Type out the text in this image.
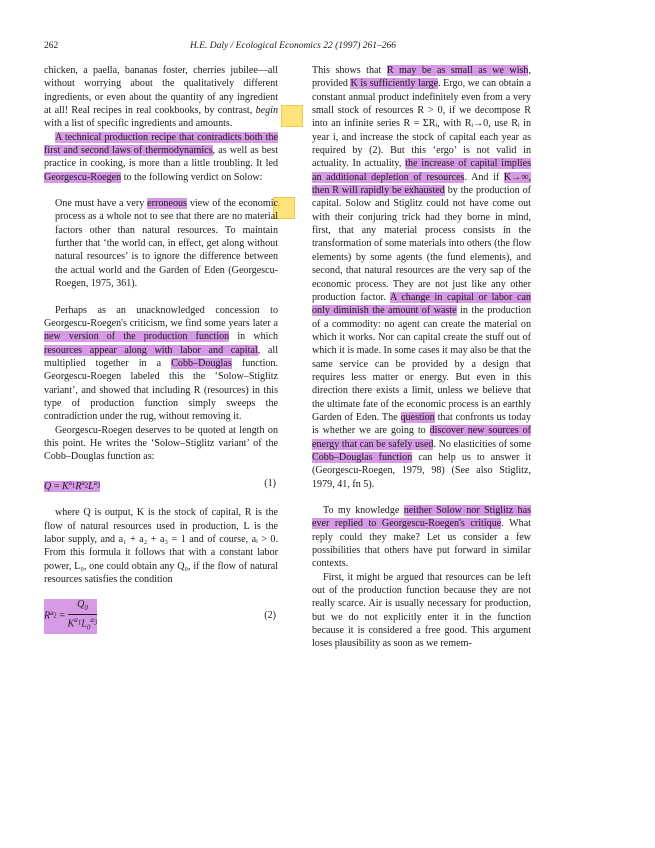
262	H.E. Daly / Ecological Economics 22 (1997) 261–266

chicken, a paella, bananas foster, cherries jubilee—all without worrying about the qualitatively different ingredients, or even about the quantity of any ingredient at all! Real recipes in real cookbooks, by contrast, begin with a list of specific ingredients and amounts.

A technical production recipe that contradicts both the first and second laws of thermodynamics, as well as best practice in cooking, is more than a little troubling. It led Georgescu-Roegen to the following verdict on Solow:

One must have a very erroneous view of the economic process as a whole not to see that there are no material factors other than natural resources. To maintain further that ‘the world can, in effect, get along without natural resources’ is to ignore the difference between the actual world and the Garden of Eden (Georgescu-Roegen, 1975, 361).

Perhaps as an unacknowledged concession to Georgescu-Roegen's criticism, we find some years later a new version of the production function in which resources appear along with labor and capital, all multiplied together in a Cobb–Douglas function. Georgescu-Roegen labeled this the ‘Solow–Stiglitz variant’, and showed that including R (resources) in this type of production function simply sweeps the contradiction under the rug, without removing it.

Georgescu-Roegen deserves to be quoted at length on this point. He writes the ‘Solow–Stiglitz variant’ of the Cobb–Douglas function as:

$Q = K^{a_1}R^{a_2}L^{a_3}$	(1)

where Q is output, K is the stock of capital, R is the flow of natural resources used in production, L is the labor supply, and a₁ + a₂ + a₃ = 1 and of course, aᵢ > 0. From this formula it follows that with a constant labor power, L₀, one could obtain any Q₀, if the flow of natural resources satisfies the condition

$R^{a_2} = \frac{Q_0}{K^{a_1}L_0^{a_3}}$	(2)

This shows that R may be as small as we wish, provided K is sufficiently large. Ergo, we can obtain a constant annual product indefinitely even from a very small stock of resources R > 0, if we decompose R into an infinite series R = ΣRᵢ, with Rᵢ→0, use Rᵢ in year i, and increase the stock of capital each year as required by (2). But this ‘ergo’ is not valid in actuality. In actuality, the increase of capital implies an additional depletion of resources. And if K→∞, then R will rapidly be exhausted by the production of capital. Solow and Stiglitz could not have come out with their conjuring trick had they borne in mind, first, that any material process consists in the transformation of some materials into others (the flow elements) by some agents (the fund elements), and second, that natural resources are the very sap of the economic process. They are not just like any other production factor. A change in capital or labor can only diminish the amount of waste in the production of a commodity: no agent can create the material on which it works. Nor can capital create the stuff out of which it is made. In some cases it may also be that the same service can be provided by a design that requires less matter or energy. But even in this direction there exists a limit, unless we believe that the ultimate fate of the economic process is an earthly Garden of Eden. The question that confronts us today is whether we are going to discover new sources of energy that can be safely used. No elasticities of some Cobb–Douglas function can help us to answer it (Georgescu-Roegen, 1979, 98) (See also Stiglitz, 1979, 41, fn 5).

To my knowledge neither Solow nor Stiglitz has ever replied to Georgescu-Roegen's critique. What reply could they make? Let us consider a few possibilities that others have put forward in similar contexts.

First, it might be argued that resources can be left out of the production function because they are not really scarce. Air is usually necessary for production, but we do not explicitly enter it in the function because it is considered a free good. This argument loses plausibility as soon as we remem-
